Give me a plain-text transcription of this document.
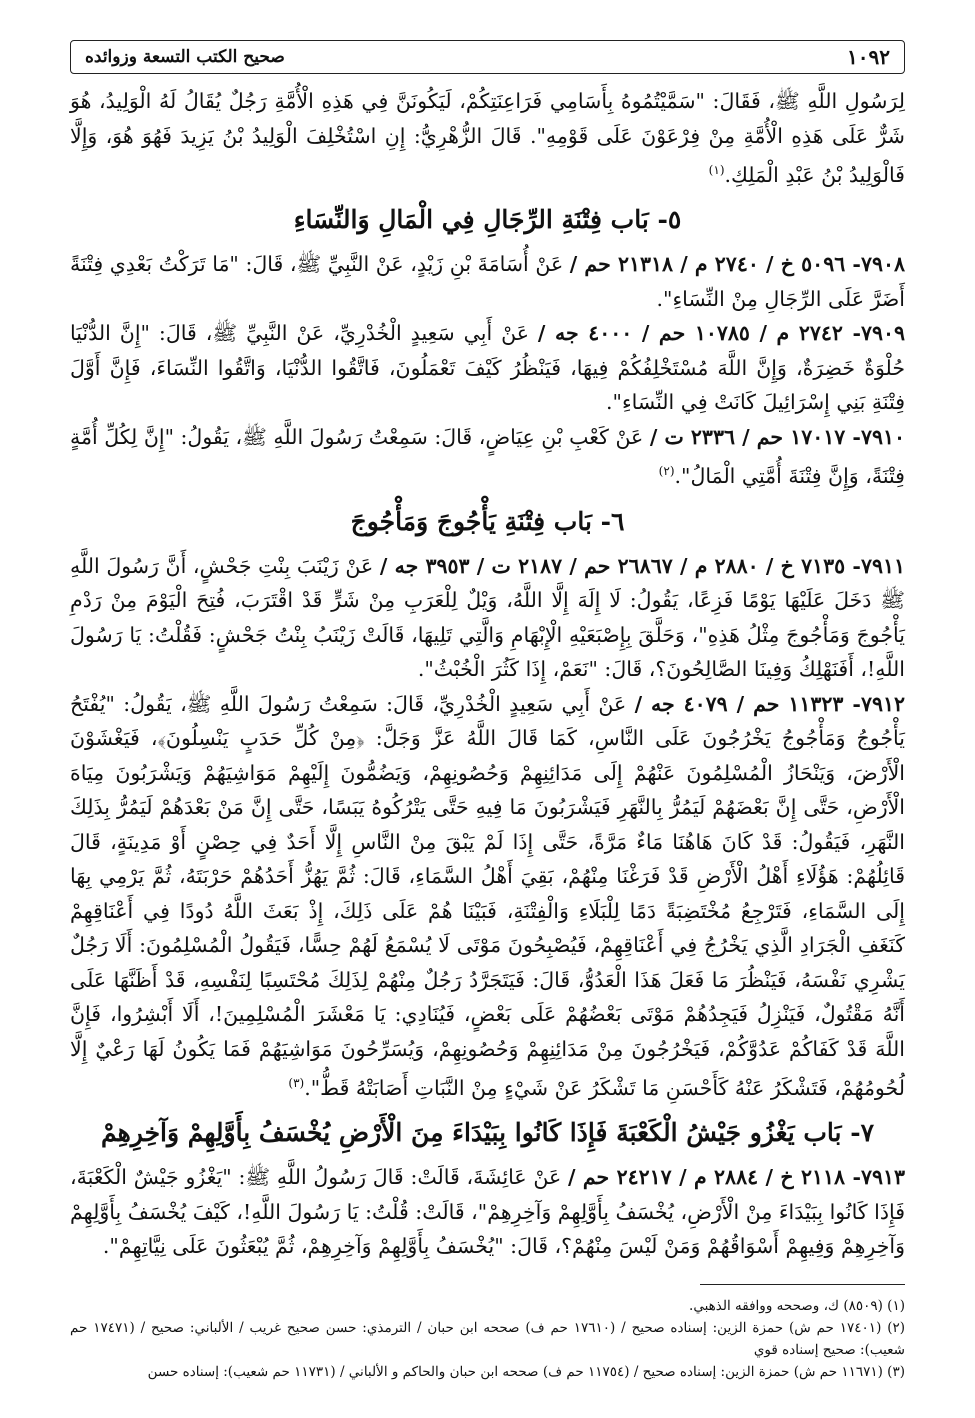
١٠٩٢
صحيح الكتب التسعة وزوائده

لِرَسُولِ اللَّهِ ﷺ، فَقَالَ: "سَمَّيْتُمُوهُ بِأَسَامِي فَرَاعِنَتِكُمْ، لَيَكُونَنَّ فِي هَذِهِ الْأُمَّةِ رَجُلٌ يُقَالُ لَهُ الْوَلِيدُ، هُوَ شَرٌّ عَلَى هَذِهِ الْأُمَّةِ مِنْ فِرْعَوْنَ عَلَى قَوْمِهِ". قَالَ الزُّهْرِيُّ: إِنِ اسْتُخْلِفَ الْوَلِيدُ بْنُ يَزِيدَ فَهُوَ هُوَ، وَإِلَّا فَالْوَلِيدُ بْنُ عَبْدِ الْمَلِكِ.$^{(١)}$

٥- بَاب فِتْنَةِ الرِّجَالِ فِي الْمَالِ وَالنِّسَاءِ

٧٩٠٨- ٥٠٩٦ خ / ٢٧٤٠ م / ٢١٣١٨ حم / عَنْ أُسَامَةَ بْنِ زَيْدٍ، عَنْ النَّبِيِّ ﷺ، قَالَ: "مَا تَرَكْتُ بَعْدِي فِتْنَةً أَضَرَّ عَلَى الرِّجَالِ مِنْ النِّسَاءِ".

٧٩٠٩- ٢٧٤٢ م / ١٠٧٨٥ حم / ٤٠٠٠ جه / عَنْ أَبِي سَعِيدٍ الْخُدْرِيِّ، عَنْ النَّبِيِّ ﷺ، قَالَ: "إِنَّ الدُّنْيَا حُلْوَةٌ خَضِرَةٌ، وَإِنَّ اللَّهَ مُسْتَخْلِفُكُمْ فِيهَا، فَيَنْظُرُ كَيْفَ تَعْمَلُونَ، فَاتَّقُوا الدُّنْيَا، وَاتَّقُوا النِّسَاءَ، فَإِنَّ أَوَّلَ فِتْنَةِ بَنِي إِسْرَائِيلَ كَانَتْ فِي النِّسَاءِ".

٧٩١٠- ١٧٠١٧ حم / ٢٣٣٦ ت / عَنْ كَعْبِ بْنِ عِيَاضٍ، قَالَ: سَمِعْتُ رَسُولَ اللَّهِ ﷺ، يَقُولُ: "إِنَّ لِكُلِّ أُمَّةٍ فِتْنَةً، وَإِنَّ فِتْنَةَ أُمَّتِي الْمَالُ".$^{(٢)}$

٦- بَاب فِتْنَةِ يَأْجُوجَ وَمَأْجُوجَ

٧٩١١- ٧١٣٥ خ / ٢٨٨٠ م / ٢٦٨٦٧ حم / ٢١٨٧ ت / ٣٩٥٣ جه / عَنْ زَيْنَبَ بِنْتِ جَحْشٍ، أَنَّ رَسُولَ اللَّهِ ﷺ دَخَلَ عَلَيْهَا يَوْمًا فَزِعًا، يَقُولُ: لَا إِلَهَ إِلَّا اللَّهُ، وَيْلٌ لِلْعَرَبِ مِنْ شَرٍّ قَدْ اقْتَرَبَ، فُتِحَ الْيَوْمَ مِنْ رَدْمِ يَأْجُوجَ وَمَأْجُوجَ مِثْلُ هَذِهِ"، وَحَلَّقَ بِإِصْبَعَيْهِ الْإِبْهَامِ وَالَّتِي تَلِيهَا، قَالَتْ زَيْنَبُ بِنْتُ جَحْشٍ: فَقُلْتُ: يَا رَسُولَ اللَّهِ!، أَفَنَهْلِكُ وَفِينَا الصَّالِحُونَ؟، قَالَ: "نَعَمْ، إِذَا كَثُرَ الْخُبْثُ".

٧٩١٢- ١١٣٢٣ حم / ٤٠٧٩ جه / عَنْ أَبِي سَعِيدٍ الْخُدْرِيِّ، قَالَ: سَمِعْتُ رَسُولَ اللَّهِ ﷺ، يَقُولُ: "يُفْتَحُ يَأْجُوجُ وَمَأْجُوجُ يَخْرُجُونَ عَلَى النَّاسِ، كَمَا قَالَ اللَّهُ عَزَّ وَجَلَّ: ﴿مِنْ كُلِّ حَدَبٍ يَنْسِلُونَ﴾، فَيَغْشَوْنَ الْأَرْضَ، وَيَنْحَازُ الْمُسْلِمُونَ عَنْهُمْ إِلَى مَدَائِنِهِمْ وَحُصُونِهِمْ، وَيَضُمُّونَ إِلَيْهِمْ مَوَاشِيَهُمْ وَيَشْرَبُونَ مِيَاهَ الْأَرْضِ، حَتَّى إِنَّ بَعْضَهُمْ لَيَمُرُّ بِالنَّهَرِ فَيَشْرَبُونَ مَا فِيهِ حَتَّى يَتْرُكُوهُ يَبَسًا، حَتَّى إِنَّ مَنْ بَعْدَهُمْ لَيَمُرُّ بِذَلِكَ النَّهَرِ، فَيَقُولُ: قَدْ كَانَ هَاهُنَا مَاءٌ مَرَّةً، حَتَّى إِذَا لَمْ يَبْقَ مِنْ النَّاسِ إِلَّا أَحَدٌ فِي حِصْنٍ أَوْ مَدِينَةٍ، قَالَ قَائِلُهُمْ: هَؤُلَاءِ أَهْلُ الْأَرْضِ قَدْ فَرَغْنَا مِنْهُمْ، بَقِيَ أَهْلُ السَّمَاءِ، قَالَ: ثُمَّ يَهُزُّ أَحَدُهُمْ حَرْبَتَهُ، ثُمَّ يَرْمِي بِهَا إِلَى السَّمَاءِ، فَتَرْجِعُ مُخْتَضِبَةً دَمًا لِلْبَلَاءِ وَالْفِتْنَةِ، فَبَيْنَا هُمْ عَلَى ذَلِكَ، إِذْ بَعَثَ اللَّهُ دُودًا فِي أَعْنَاقِهِمْ كَنَغَفِ الْجَرَادِ الَّذِي يَخْرُجُ فِي أَعْنَاقِهِمْ، فَيُصْبِحُونَ مَوْتَى لَا يُسْمَعُ لَهُمْ حِسًّا، فَيَقُولُ الْمُسْلِمُونَ: أَلَا رَجُلٌ يَشْرِي نَفْسَهُ، فَيَنْظُرَ مَا فَعَلَ هَذَا الْعَدُوُّ، قَالَ: فَيَتَجَرَّدُ رَجُلٌ مِنْهُمْ لِذَلِكَ مُحْتَسِبًا لِنَفْسِهِ، قَدْ أَظَنَّهَا عَلَى أَنَّهُ مَقْتُولٌ، فَيَنْزِلُ فَيَجِدُهُمْ مَوْتَى بَعْضُهُمْ عَلَى بَعْضٍ، فَيُنَادِي: يَا مَعْشَرَ الْمُسْلِمِينَ!، أَلَا أَبْشِرُوا، فَإِنَّ اللَّهَ قَدْ كَفَاكُمْ عَدُوَّكُمْ، فَيَخْرُجُونَ مِنْ مَدَائِنِهِمْ وَحُصُونِهِمْ، وَيُسَرِّحُونَ مَوَاشِيَهُمْ فَمَا يَكُونُ لَهَا رَعْيٌ إِلَّا لُحُومُهُمْ، فَتَشْكَرُ عَنْهُ كَأَحْسَنِ مَا تَشْكَرُ عَنْ شَيْءٍ مِنْ النَّبَاتِ أَصَابَتْهُ قَطُّ".$^{(٣)}$

٧- بَاب يَغْزُو جَيْشُ الْكَعْبَةَ فَإِذَا كَانُوا بِبَيْدَاءَ مِنَ الْأَرْضِ يُخْسَفُ بِأَوَّلِهِمْ وَآخِرِهِمْ

٧٩١٣- ٢١١٨ خ / ٢٨٨٤ م / ٢٤٢١٧ حم / عَنْ عَائِشَةَ، قَالَتْ: قَالَ رَسُولُ اللَّهِ ﷺ: "يَغْزُو جَيْشٌ الْكَعْبَةَ، فَإِذَا كَانُوا بِبَيْدَاءَ مِنْ الْأَرْضِ، يُخْسَفُ بِأَوَّلِهِمْ وَآخِرِهِمْ"، قَالَتْ: قُلْتُ: يَا رَسُولَ اللَّهِ!، كَيْفَ يُخْسَفُ بِأَوَّلِهِمْ وَآخِرِهِمْ وَفِيهِمْ أَسْوَاقُهُمْ وَمَنْ لَيْسَ مِنْهُمْ؟، قَالَ: "يُخْسَفُ بِأَوَّلِهِمْ وَآخِرِهِمْ، ثُمَّ يُبْعَثُونَ عَلَى نِيَّاتِهِمْ".

(١) (٨٥٠٩) ك، وصححه ووافقه الذهبي.

(٢) (١٧٤٠١ حم ش) حمزة الزين: إسناده صحيح / (١٧٦١٠ حم ف) صححه ابن حبان / الترمذي: حسن صحيح غريب / الألباني: صحيح / (١٧٤٧١ حم شعيب): صحيح إسناده قوي

(٣) (١١٦٧١ حم ش) حمزة الزين: إسناده صحيح / (١١٧٥٤ حم ف) صححه ابن حبان والحاكم و الألباني / (١١٧٣١ حم شعيب): إسناده حسن
